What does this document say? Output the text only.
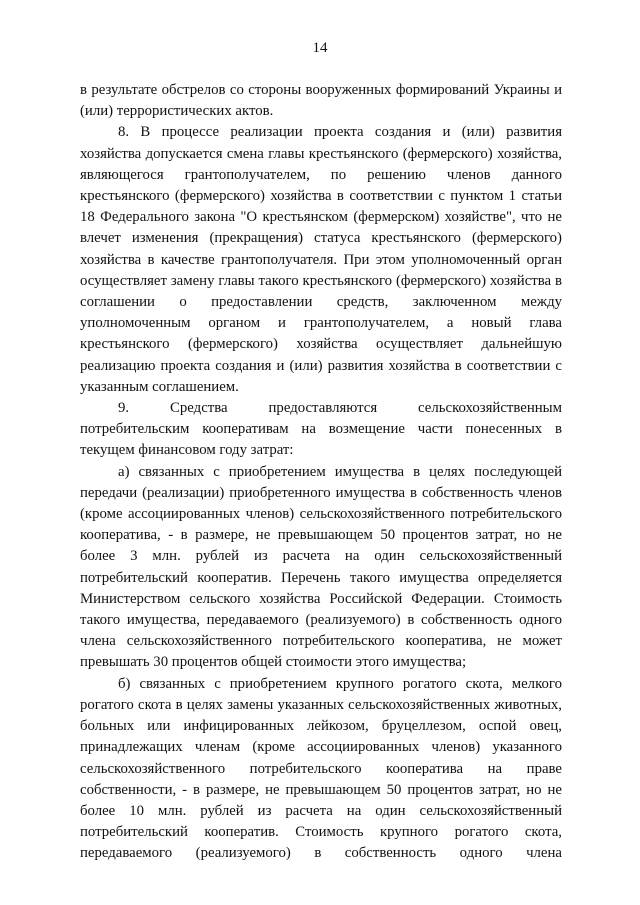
14

в результате обстрелов со стороны вооруженных формирований Украины и (или) террористических актов.

8. В процессе реализации проекта создания и (или) развития хозяйства допускается смена главы крестьянского (фермерского) хозяйства, являющегося грантополучателем, по решению членов данного крестьянского (фермерского) хозяйства в соответствии с пунктом 1 статьи 18 Федерального закона "О крестьянском (фермерском) хозяйстве", что не влечет изменения (прекращения) статуса крестьянского (фермерского) хозяйства в качестве грантополучателя. При этом уполномоченный орган осуществляет замену главы такого крестьянского (фермерского) хозяйства в соглашении о предоставлении средств, заключенном между уполномоченным органом и грантополучателем, а новый глава крестьянского (фермерского) хозяйства осуществляет дальнейшую реализацию проекта создания и (или) развития хозяйства в соответствии с указанным соглашением.

9. Средства предоставляются сельскохозяйственным потребительским кооперативам на возмещение части понесенных в текущем финансовом году затрат:

а) связанных с приобретением имущества в целях последующей передачи (реализации) приобретенного имущества в собственность членов (кроме ассоциированных членов) сельскохозяйственного потребительского кооператива, - в размере, не превышающем 50 процентов затрат, но не более 3 млн. рублей из расчета на один сельскохозяйственный потребительский кооператив. Перечень такого имущества определяется Министерством сельского хозяйства Российской Федерации. Стоимость такого имущества, передаваемого (реализуемого) в собственность одного члена сельскохозяйственного потребительского кооператива, не может превышать 30 процентов общей стоимости этого имущества;

б) связанных с приобретением крупного рогатого скота, мелкого рогатого скота в целях замены указанных сельскохозяйственных животных, больных или инфицированных лейкозом, бруцеллезом, оспой овец, принадлежащих членам (кроме ассоциированных членов) указанного сельскохозяйственного потребительского кооператива на праве собственности, - в размере, не превышающем 50 процентов затрат, но не более 10 млн. рублей из расчета на один сельскохозяйственный потребительский кооператив. Стоимость крупного рогатого скота, передаваемого (реализуемого) в собственность одного члена
